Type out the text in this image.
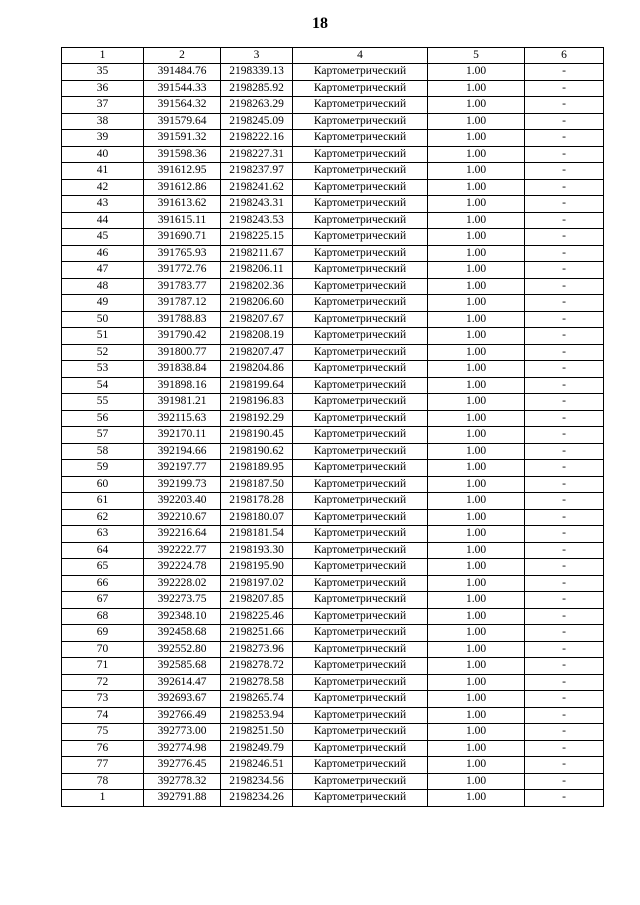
18
1	2	3	4	5	6
35	391484.76	2198339.13	Картометрический	1.00	-
36	391544.33	2198285.92	Картометрический	1.00	-
37	391564.32	2198263.29	Картометрический	1.00	-
38	391579.64	2198245.09	Картометрический	1.00	-
39	391591.32	2198222.16	Картометрический	1.00	-
40	391598.36	2198227.31	Картометрический	1.00	-
41	391612.95	2198237.97	Картометрический	1.00	-
42	391612.86	2198241.62	Картометрический	1.00	-
43	391613.62	2198243.31	Картометрический	1.00	-
44	391615.11	2198243.53	Картометрический	1.00	-
45	391690.71	2198225.15	Картометрический	1.00	-
46	391765.93	2198211.67	Картометрический	1.00	-
47	391772.76	2198206.11	Картометрический	1.00	-
48	391783.77	2198202.36	Картометрический	1.00	-
49	391787.12	2198206.60	Картометрический	1.00	-
50	391788.83	2198207.67	Картометрический	1.00	-
51	391790.42	2198208.19	Картометрический	1.00	-
52	391800.77	2198207.47	Картометрический	1.00	-
53	391838.84	2198204.86	Картометрический	1.00	-
54	391898.16	2198199.64	Картометрический	1.00	-
55	391981.21	2198196.83	Картометрический	1.00	-
56	392115.63	2198192.29	Картометрический	1.00	-
57	392170.11	2198190.45	Картометрический	1.00	-
58	392194.66	2198190.62	Картометрический	1.00	-
59	392197.77	2198189.95	Картометрический	1.00	-
60	392199.73	2198187.50	Картометрический	1.00	-
61	392203.40	2198178.28	Картометрический	1.00	-
62	392210.67	2198180.07	Картометрический	1.00	-
63	392216.64	2198181.54	Картометрический	1.00	-
64	392222.77	2198193.30	Картометрический	1.00	-
65	392224.78	2198195.90	Картометрический	1.00	-
66	392228.02	2198197.02	Картометрический	1.00	-
67	392273.75	2198207.85	Картометрический	1.00	-
68	392348.10	2198225.46	Картометрический	1.00	-
69	392458.68	2198251.66	Картометрический	1.00	-
70	392552.80	2198273.96	Картометрический	1.00	-
71	392585.68	2198278.72	Картометрический	1.00	-
72	392614.47	2198278.58	Картометрический	1.00	-
73	392693.67	2198265.74	Картометрический	1.00	-
74	392766.49	2198253.94	Картометрический	1.00	-
75	392773.00	2198251.50	Картометрический	1.00	-
76	392774.98	2198249.79	Картометрический	1.00	-
77	392776.45	2198246.51	Картометрический	1.00	-
78	392778.32	2198234.56	Картометрический	1.00	-
1	392791.88	2198234.26	Картометрический	1.00	-
